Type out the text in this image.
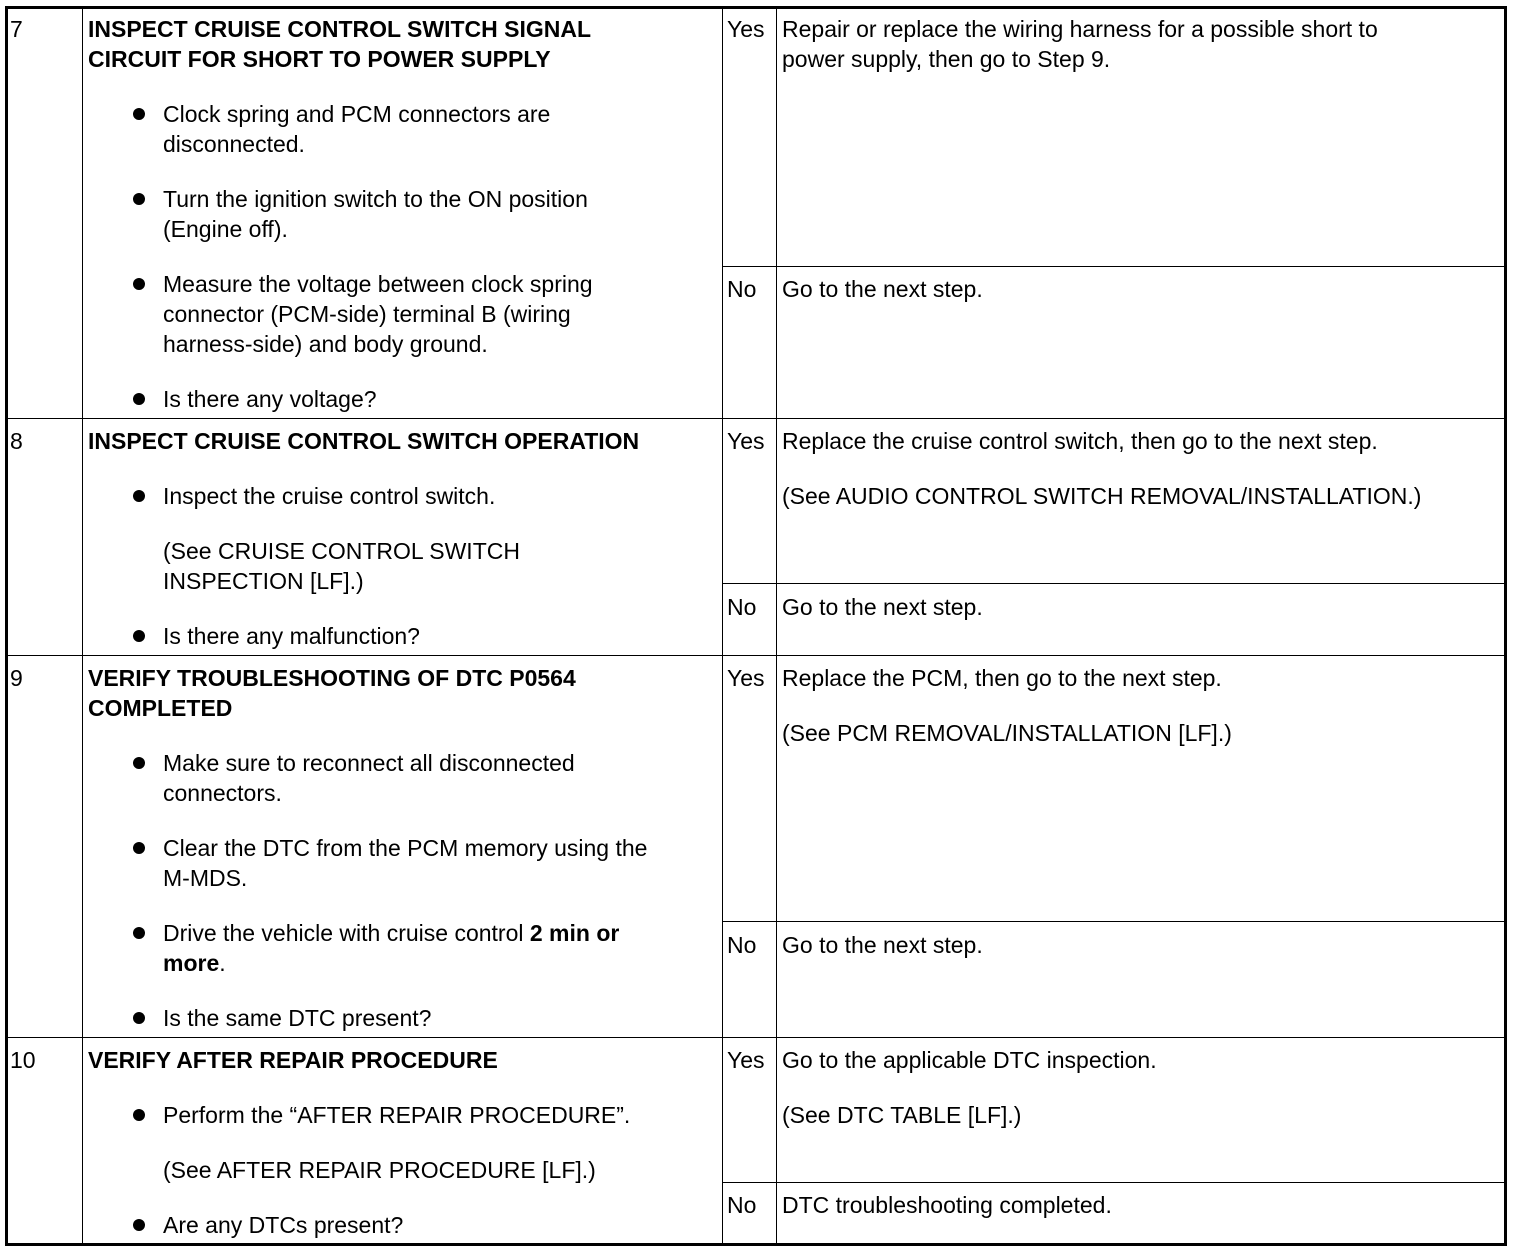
7	INSPECT CRUISE CONTROL SWITCH SIGNAL
CIRCUIT FOR SHORT TO POWER SUPPLY
Clock spring and PCM connectors are
disconnected.
Turn the ignition switch to the ON position
(Engine off).
Measure the voltage between clock spring
connector (PCM-side) terminal B (wiring
harness-side) and body ground.
Is there any voltage?
Yes Repair or replace the wiring harness for a possible short to
power supply, then go to Step 9.
No Go to the next step.
8	INSPECT CRUISE CONTROL SWITCH OPERATION
Inspect the cruise control switch.
(See CRUISE CONTROL SWITCH
INSPECTION [LF].)
Is there any malfunction?
Yes Replace the cruise control switch, then go to the next step.
(See AUDIO CONTROL SWITCH REMOVAL/INSTALLATION.)
No Go to the next step.
9	VERIFY TROUBLESHOOTING OF DTC P0564
COMPLETED
Make sure to reconnect all disconnected
connectors.
Clear the DTC from the PCM memory using the
M-MDS.
Drive the vehicle with cruise control 2 min or
more.
Is the same DTC present?
Yes Replace the PCM, then go to the next step.
(See PCM REMOVAL/INSTALLATION [LF].)
No Go to the next step.
10 VERIFY AFTER REPAIR PROCEDURE
Perform the “AFTER REPAIR PROCEDURE”.
(See AFTER REPAIR PROCEDURE [LF].)
Are any DTCs present?
Yes Go to the applicable DTC inspection.
(See DTC TABLE [LF].)
No DTC troubleshooting completed.
